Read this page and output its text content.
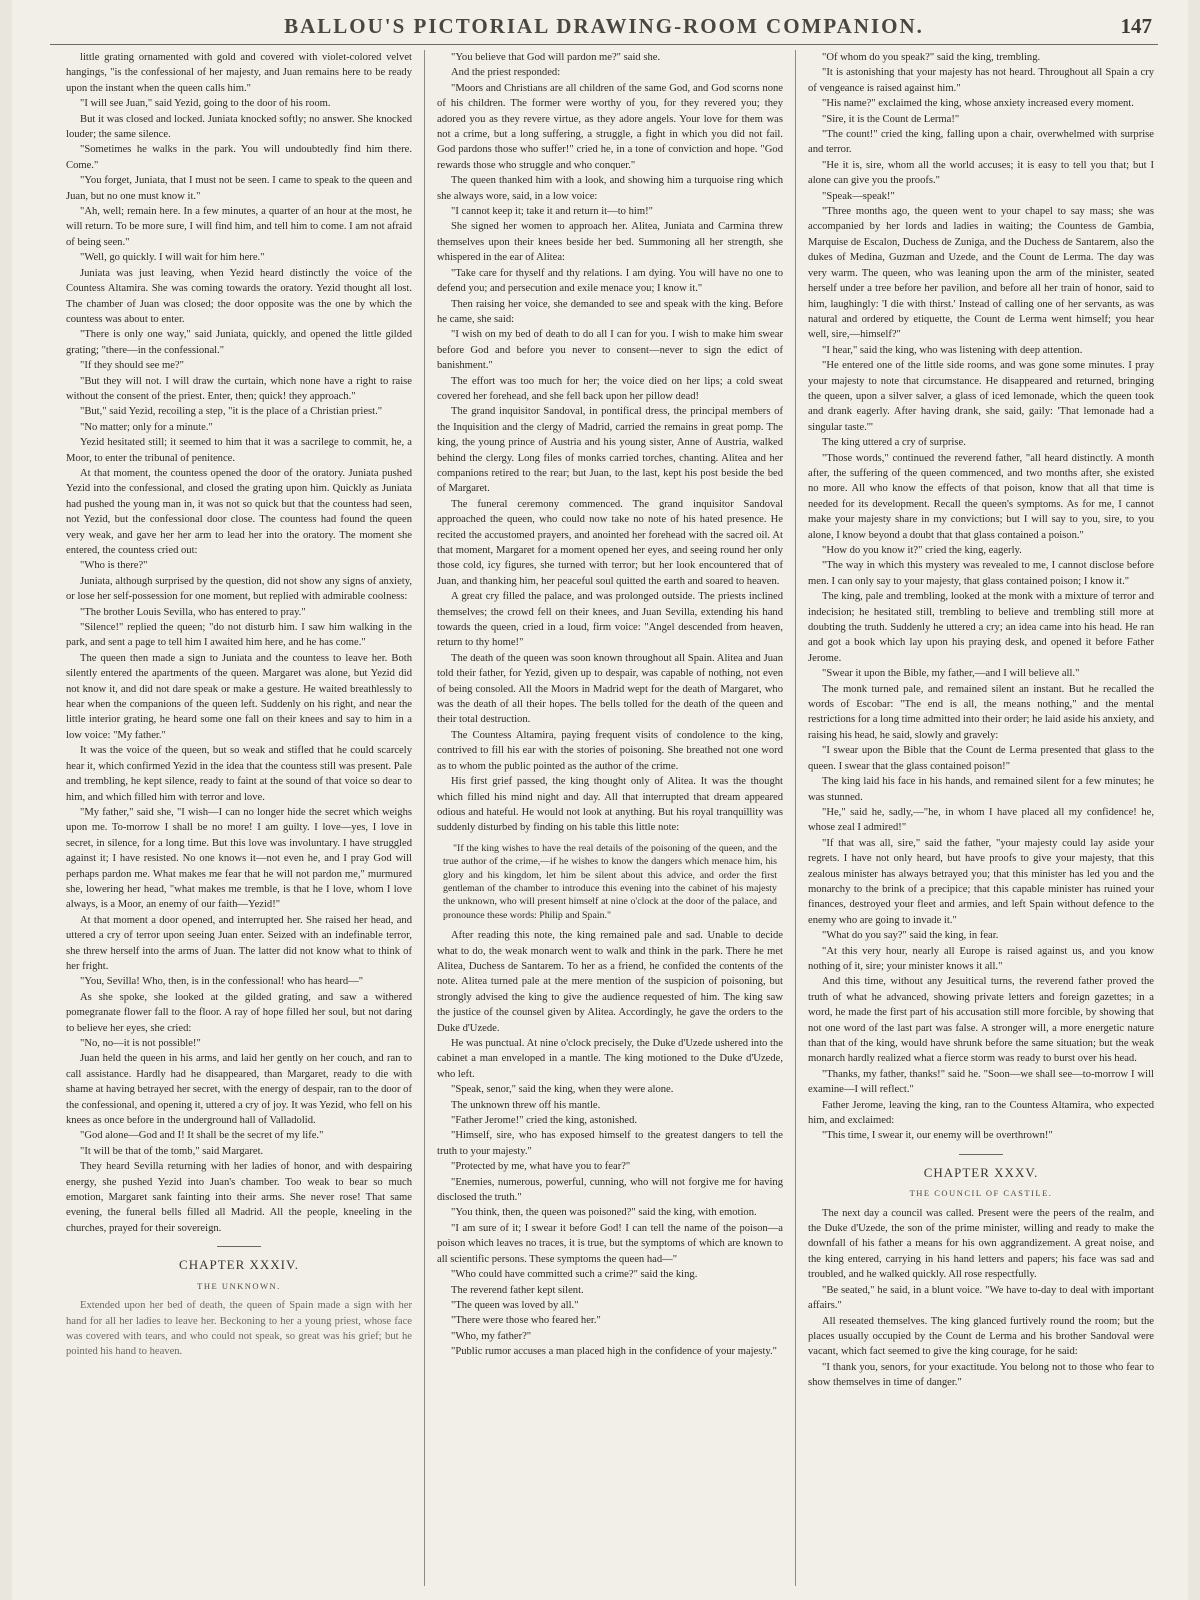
BALLOU'S PICTORIAL DRAWING-ROOM COMPANION.	147

little grating ornamented with gold and covered with violet-colored velvet hangings, "is the confessional of her majesty, and Juan remains here to be ready upon the instant when the queen calls him."

"I will see Juan," said Yezid, going to the door of his room.

But it was closed and locked. Juniata knocked softly; no answer. She knocked louder; the same silence.

"Sometimes he walks in the park. You will undoubtedly find him there. Come."

"You forget, Juniata, that I must not be seen. I came to speak to the queen and Juan, but no one must know it."

"Ah, well; remain here. In a few minutes, a quarter of an hour at the most, he will return. To be more sure, I will find him, and tell him to come. I am not afraid of being seen."

"Well, go quickly. I will wait for him here."

Juniata was just leaving, when Yezid heard distinctly the voice of the Countess Altamira. She was coming towards the oratory. Yezid thought all lost. The chamber of Juan was closed; the door opposite was the one by which the countess was about to enter.

"There is only one way," said Juniata, quickly, and opened the little gilded grating; "there—in the confessional."

"If they should see me?"

"But they will not. I will draw the curtain, which none have a right to raise without the consent of the priest. Enter, then; quick! they approach."

"But," said Yezid, recoiling a step, "it is the place of a Christian priest."

"No matter; only for a minute."

Yezid hesitated still; it seemed to him that it was a sacrilege to commit, he, a Moor, to enter the tribunal of penitence.

At that moment, the countess opened the door of the oratory. Juniata pushed Yezid into the confessional, and closed the grating upon him. Quickly as Juniata had pushed the young man in, it was not so quick but that the countess had seen, not Yezid, but the confessional door close. The countess had found the queen very weak, and gave her her arm to lead her into the oratory. The moment she entered, the countess cried out:

"Who is there?"

Juniata, although surprised by the question, did not show any signs of anxiety, or lose her self-possession for one moment, but replied with admirable coolness:

"The brother Louis Sevilla, who has entered to pray."

"Silence!" replied the queen; "do not disturb him. I saw him walking in the park, and sent a page to tell him I awaited him here, and he has come."

The queen then made a sign to Juniata and the countess to leave her. Both silently entered the apartments of the queen. Margaret was alone, but Yezid did not know it, and did not dare speak or make a gesture. He waited breathlessly to hear when the companions of the queen left. Suddenly on his right, and near the little interior grating, he heard some one fall on their knees and say to him in a low voice: "My father."

It was the voice of the queen, but so weak and stifled that he could scarcely hear it, which confirmed Yezid in the idea that the countess still was present. Pale and trembling, he kept silence, ready to faint at the sound of that voice so dear to him, and which filled him with terror and love.

"My father," said she, "I wish—I can no longer hide the secret which weighs upon me. To-morrow I shall be no more! I am guilty. I love—yes, I love in secret, in silence, for a long time. But this love was involuntary. I have struggled against it; I have resisted. No one knows it—not even he, and I pray God will perhaps pardon me. What makes me fear that he will not pardon me," murmured she, lowering her head, "what makes me tremble, is that he I love, whom I love always, is a Moor, an enemy of our faith—Yezid!"

At that moment a door opened, and interrupted her. She raised her head, and uttered a cry of terror upon seeing Juan enter. Seized with an indefinable terror, she threw herself into the arms of Juan. The latter did not know what to think of her fright.

"You, Sevilla! Who, then, is in the confessional! who has heard—"

As she spoke, she looked at the gilded grating, and saw a withered pomegranate flower fall to the floor. A ray of hope filled her soul, but not daring to believe her eyes, she cried:

"No, no—it is not possible!"

Juan held the queen in his arms, and laid her gently on her couch, and ran to call assistance. Hardly had he disappeared, than Margaret, ready to die with shame at having betrayed her secret, with the energy of despair, ran to the door of the confessional, and opening it, uttered a cry of joy. It was Yezid, who fell on his knees as once before in the underground hall of Valladolid.

"God alone—God and I! It shall be the secret of my life."

"It will be that of the tomb," said Margaret.

They heard Sevilla returning with her ladies of honor, and with despairing energy, she pushed Yezid into Juan's chamber. Too weak to bear so much emotion, Margaret sank fainting into their arms. She never rose! That same evening, the funeral bells filled all Madrid. All the people, kneeling in the churches, prayed for their sovereign.

CHAPTER XXXIV.
THE UNKNOWN.

Extended upon her bed of death, the queen of Spain made a sign with her hand for all her ladies to leave her. Beckoning to her a young priest, whose face was covered with tears, and who could not speak, so great was his grief; but he pointed his hand to heaven.

"You believe that God will pardon me?" said she.

And the priest responded:

"Moors and Christians are all children of the same God, and God scorns none of his children. The former were worthy of you, for they revered you; they adored you as they revere virtue, as they adore angels. Your love for them was not a crime, but a long suffering, a struggle, a fight in which you did not fail. God pardons those who suffer!" cried he, in a tone of conviction and hope. "God rewards those who struggle and who conquer."

The queen thanked him with a look, and showing him a turquoise ring which she always wore, said, in a low voice:

"I cannot keep it; take it and return it—to him!"

She signed her women to approach her. Alitea, Juniata and Carmina threw themselves upon their knees beside her bed. Summoning all her strength, she whispered in the ear of Alitea:

"Take care for thyself and thy relations. I am dying. You will have no one to defend you; and persecution and exile menace you; I know it."

Then raising her voice, she demanded to see and speak with the king. Before he came, she said:

"I wish on my bed of death to do all I can for you. I wish to make him swear before God and before you never to consent—never to sign the edict of banishment."

The effort was too much for her; the voice died on her lips; a cold sweat covered her forehead, and she fell back upon her pillow dead!

The grand inquisitor Sandoval, in pontifical dress, the principal members of the Inquisition and the clergy of Madrid, carried the remains in great pomp. The king, the young prince of Austria and his young sister, Anne of Austria, walked behind the clergy. Long files of monks carried torches, chanting. Alitea and her companions retired to the rear; but Juan, to the last, kept his post beside the bed of Margaret.

The funeral ceremony commenced. The grand inquisitor Sandoval approached the queen, who could now take no note of his hated presence. He recited the accustomed prayers, and anointed her forehead with the sacred oil. At that moment, Margaret for a moment opened her eyes, and seeing round her only those cold, icy figures, she turned with terror; but her look encountered that of Juan, and thanking him, her peaceful soul quitted the earth and soared to heaven.

A great cry filled the palace, and was prolonged outside. The priests inclined themselves; the crowd fell on their knees, and Juan Sevilla, extending his hand towards the queen, cried in a loud, firm voice: "Angel descended from heaven, return to thy home!"

The death of the queen was soon known throughout all Spain. Alitea and Juan told their father, for Yezid, given up to despair, was capable of nothing, not even of being consoled. All the Moors in Madrid wept for the death of Margaret, who was the death of all their hopes. The bells tolled for the death of the queen and their total destruction.

The Countess Altamira, paying frequent visits of condolence to the king, contrived to fill his ear with the stories of poisoning. She breathed not one word as to whom the public pointed as the author of the crime.

His first grief passed, the king thought only of Alitea. It was the thought which filled his mind night and day. All that interrupted that dream appeared odious and hateful. He would not look at anything. But his royal tranquillity was suddenly disturbed by finding on his table this little note:

"If the king wishes to have the real details of the poisoning of the queen, and the true author of the crime,—if he wishes to know the dangers which menace him, his glory and his kingdom, let him be silent about this advice, and order the first gentleman of the chamber to introduce this evening into the cabinet of his majesty the unknown, who will present himself at nine o'clock at the door of the palace, and pronounce these words: Philip and Spain."

After reading this note, the king remained pale and sad. Unable to decide what to do, the weak monarch went to walk and think in the park. There he met Alitea, Duchess de Santarem. To her as a friend, he confided the contents of the note. Alitea turned pale at the mere mention of the suspicion of poisoning, but strongly advised the king to give the audience requested of him. The king saw the justice of the counsel given by Alitea. Accordingly, he gave the orders to the Duke d'Uzede.

He was punctual. At nine o'clock precisely, the Duke d'Uzede ushered into the cabinet a man enveloped in a mantle. The king motioned to the Duke d'Uzede, who left.

"Speak, senor," said the king, when they were alone.

The unknown threw off his mantle.

"Father Jerome!" cried the king, astonished.

"Himself, sire, who has exposed himself to the greatest dangers to tell the truth to your majesty."

"Protected by me, what have you to fear?"

"Enemies, numerous, powerful, cunning, who will not forgive me for having disclosed the truth."

"You think, then, the queen was poisoned?" said the king, with emotion.

"I am sure of it; I swear it before God! I can tell the name of the poison—a poison which leaves no traces, it is true, but the symptoms of which are known to all scientific persons. These symptoms the queen had—"

"Who could have committed such a crime?" said the king.

The reverend father kept silent.

"The queen was loved by all."

"There were those who feared her."

"Who, my father?"

"Public rumor accuses a man placed high in the confidence of your majesty."

"Of whom do you speak?" said the king, trembling.

"It is astonishing that your majesty has not heard. Throughout all Spain a cry of vengeance is raised against him."

"His name?" exclaimed the king, whose anxiety increased every moment.

"Sire, it is the Count de Lerma!"

"The count!" cried the king, falling upon a chair, overwhelmed with surprise and terror.

"He it is, sire, whom all the world accuses; it is easy to tell you that; but I alone can give you the proofs."

"Speak—speak!"

"Three months ago, the queen went to your chapel to say mass; she was accompanied by her lords and ladies in waiting; the Countess de Gambia, Marquise de Escalon, Duchess de Zuniga, and the Duchess de Santarem, also the dukes of Medina, Guzman and Uzede, and the Count de Lerma. The day was very warm. The queen, who was leaning upon the arm of the minister, seated herself under a tree before her pavilion, and before all her train of honor, said to him, laughingly: 'I die with thirst.' Instead of calling one of her servants, as was natural and ordered by etiquette, the Count de Lerma went himself; you hear well, sire,—himself?"

"I hear," said the king, who was listening with deep attention.

"He entered one of the little side rooms, and was gone some minutes. I pray your majesty to note that circumstance. He disappeared and returned, bringing the queen, upon a silver salver, a glass of iced lemonade, which the queen took and drank eagerly. After having drank, she said, gaily: 'That lemonade had a singular taste.'"

The king uttered a cry of surprise.

"Those words," continued the reverend father, "all heard distinctly. A month after, the suffering of the queen commenced, and two months after, she existed no more. All who know the effects of that poison, know that all that time is needed for its development. Recall the queen's symptoms. As for me, I cannot make your majesty share in my convictions; but I will say to you, sire, to you alone, I know beyond a doubt that that glass contained a poison."

"How do you know it?" cried the king, eagerly.

"The way in which this mystery was revealed to me, I cannot disclose before men. I can only say to your majesty, that glass contained poison; I know it."

The king, pale and trembling, looked at the monk with a mixture of terror and indecision; he hesitated still, trembling to believe and trembling still more at doubting the truth. Suddenly he uttered a cry; an idea came into his head. He ran and got a book which lay upon his praying desk, and opened it before Father Jerome.

"Swear it upon the Bible, my father,—and I will believe all."

The monk turned pale, and remained silent an instant. But he recalled the words of Escobar: "The end is all, the means nothing," and the mental restrictions for a long time admitted into their order; he laid aside his anxiety, and raising his head, he said, slowly and gravely:

"I swear upon the Bible that the Count de Lerma presented that glass to the queen. I swear that the glass contained poison!"

The king laid his face in his hands, and remained silent for a few minutes; he was stunned.

"He," said he, sadly,—"he, in whom I have placed all my confidence! he, whose zeal I admired!"

"If that was all, sire," said the father, "your majesty could lay aside your regrets. I have not only heard, but have proofs to give your majesty, that this zealous minister has always betrayed you; that this minister has led you and the monarchy to the brink of a precipice; that this capable minister has ruined your finances, destroyed your fleet and armies, and left Spain without defence to the enemy who are going to invade it."

"What do you say?" said the king, in fear.

"At this very hour, nearly all Europe is raised against us, and you know nothing of it, sire; your minister knows it all."

And this time, without any Jesuitical turns, the reverend father proved the truth of what he advanced, showing private letters and foreign gazettes; in a word, he made the first part of his accusation still more forcible, by showing that not one word of the last part was false. A stronger will, a more energetic nature than that of the king, would have shrunk before the same situation; but the weak monarch hardly realized what a fierce storm was ready to burst over his head.

"Thanks, my father, thanks!" said he. "Soon—we shall see—to-morrow I will examine—I will reflect."

Father Jerome, leaving the king, ran to the Countess Altamira, who expected him, and exclaimed:

"This time, I swear it, our enemy will be overthrown!"

CHAPTER XXXV.
THE COUNCIL OF CASTILE.

The next day a council was called. Present were the peers of the realm, and the Duke d'Uzede, the son of the prime minister, willing and ready to make the downfall of his father a means for his own aggrandizement. A great noise, and the king entered, carrying in his hand letters and papers; his face was sad and troubled, and he walked quickly. All rose respectfully.

"Be seated," he said, in a blunt voice. "We have to-day to deal with important affairs."

All reseated themselves. The king glanced furtively round the room; but the places usually occupied by the Count de Lerma and his brother Sandoval were vacant, which fact seemed to give the king courage, for he said:

"I thank you, senors, for your exactitude. You belong not to those who fear to show themselves in time of danger."
